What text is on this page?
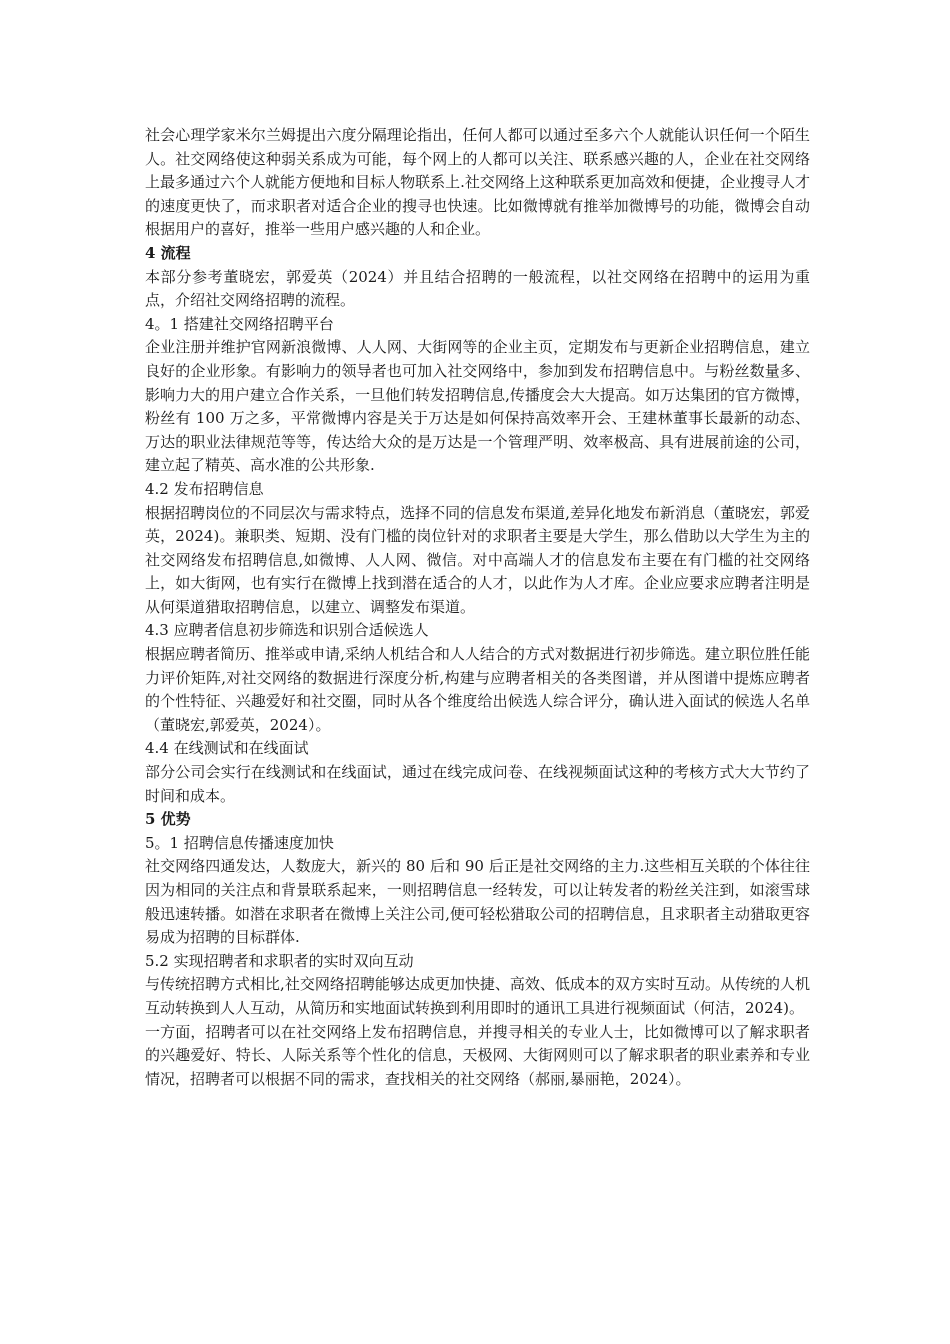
社会心理学家米尔兰姆提出六度分隔理论指出，任何人都可以通过至多六个人就能认识任何一个陌生人。社交网络使这种弱关系成为可能，每个网上的人都可以关注、联系感兴趣的人，企业在社交网络上最多通过六个人就能方便地和目标人物联系上.社交网络上这种联系更加高效和便捷，企业搜寻人才的速度更快了，而求职者对适合企业的搜寻也快速。比如微博就有推举加微博号的功能，微博会自动根据用户的喜好，推举一些用户感兴趣的人和企业。

4 流程

本部分参考董晓宏，郭爱英（2024）并且结合招聘的一般流程，以社交网络在招聘中的运用为重点，介绍社交网络招聘的流程。

4。1 搭建社交网络招聘平台

企业注册并维护官网新浪微博、人人网、大街网等的企业主页，定期发布与更新企业招聘信息，建立良好的企业形象。有影响力的领导者也可加入社交网络中，参加到发布招聘信息中。与粉丝数量多、影响力大的用户建立合作关系，一旦他们转发招聘信息,传播度会大大提高。如万达集团的官方微博，粉丝有 100 万之多，平常微博内容是关于万达是如何保持高效率开会、王建林董事长最新的动态、万达的职业法律规范等等，传达给大众的是万达是一个管理严明、效率极高、具有进展前途的公司，建立起了精英、高水准的公共形象.

4.2 发布招聘信息

根据招聘岗位的不同层次与需求特点，选择不同的信息发布渠道,差异化地发布新消息（董晓宏，郭爱英，2024)。兼职类、短期、没有门槛的岗位针对的求职者主要是大学生，那么借助以大学生为主的社交网络发布招聘信息,如微博、人人网、微信。对中高端人才的信息发布主要在有门槛的社交网络上，如大街网，也有实行在微博上找到潜在适合的人才，以此作为人才库。企业应要求应聘者注明是从何渠道猎取招聘信息，以建立、调整发布渠道。

4.3 应聘者信息初步筛选和识别合适候选人

根据应聘者简历、推举或申请,采纳人机结合和人人结合的方式对数据进行初步筛选。建立职位胜任能力评价矩阵,对社交网络的数据进行深度分析,构建与应聘者相关的各类图谱，并从图谱中提炼应聘者的个性特征、兴趣爱好和社交圈，同时从各个维度给出候选人综合评分，确认进入面试的候选人名单（董晓宏,郭爱英，2024）。

4.4 在线测试和在线面试

部分公司会实行在线测试和在线面试，通过在线完成问卷、在线视频面试这种的考核方式大大节约了时间和成本。

5 优势

5。1 招聘信息传播速度加快

社交网络四通发达，人数庞大，新兴的 80 后和 90 后正是社交网络的主力.这些相互关联的个体往往因为相同的关注点和背景联系起来，一则招聘信息一经转发，可以让转发者的粉丝关注到，如滚雪球般迅速转播。如潜在求职者在微博上关注公司,便可轻松猎取公司的招聘信息，且求职者主动猎取更容易成为招聘的目标群体.

5.2 实现招聘者和求职者的实时双向互动

与传统招聘方式相比,社交网络招聘能够达成更加快捷、高效、低成本的双方实时互动。从传统的人机互动转换到人人互动，从简历和实地面试转换到利用即时的通讯工具进行视频面试（何洁，2024)。

一方面，招聘者可以在社交网络上发布招聘信息，并搜寻相关的专业人士，比如微博可以了解求职者的兴趣爱好、特长、人际关系等个性化的信息，天极网、大街网则可以了解求职者的职业素养和专业情况，招聘者可以根据不同的需求，查找相关的社交网络（郝丽,暴丽艳，2024）。
